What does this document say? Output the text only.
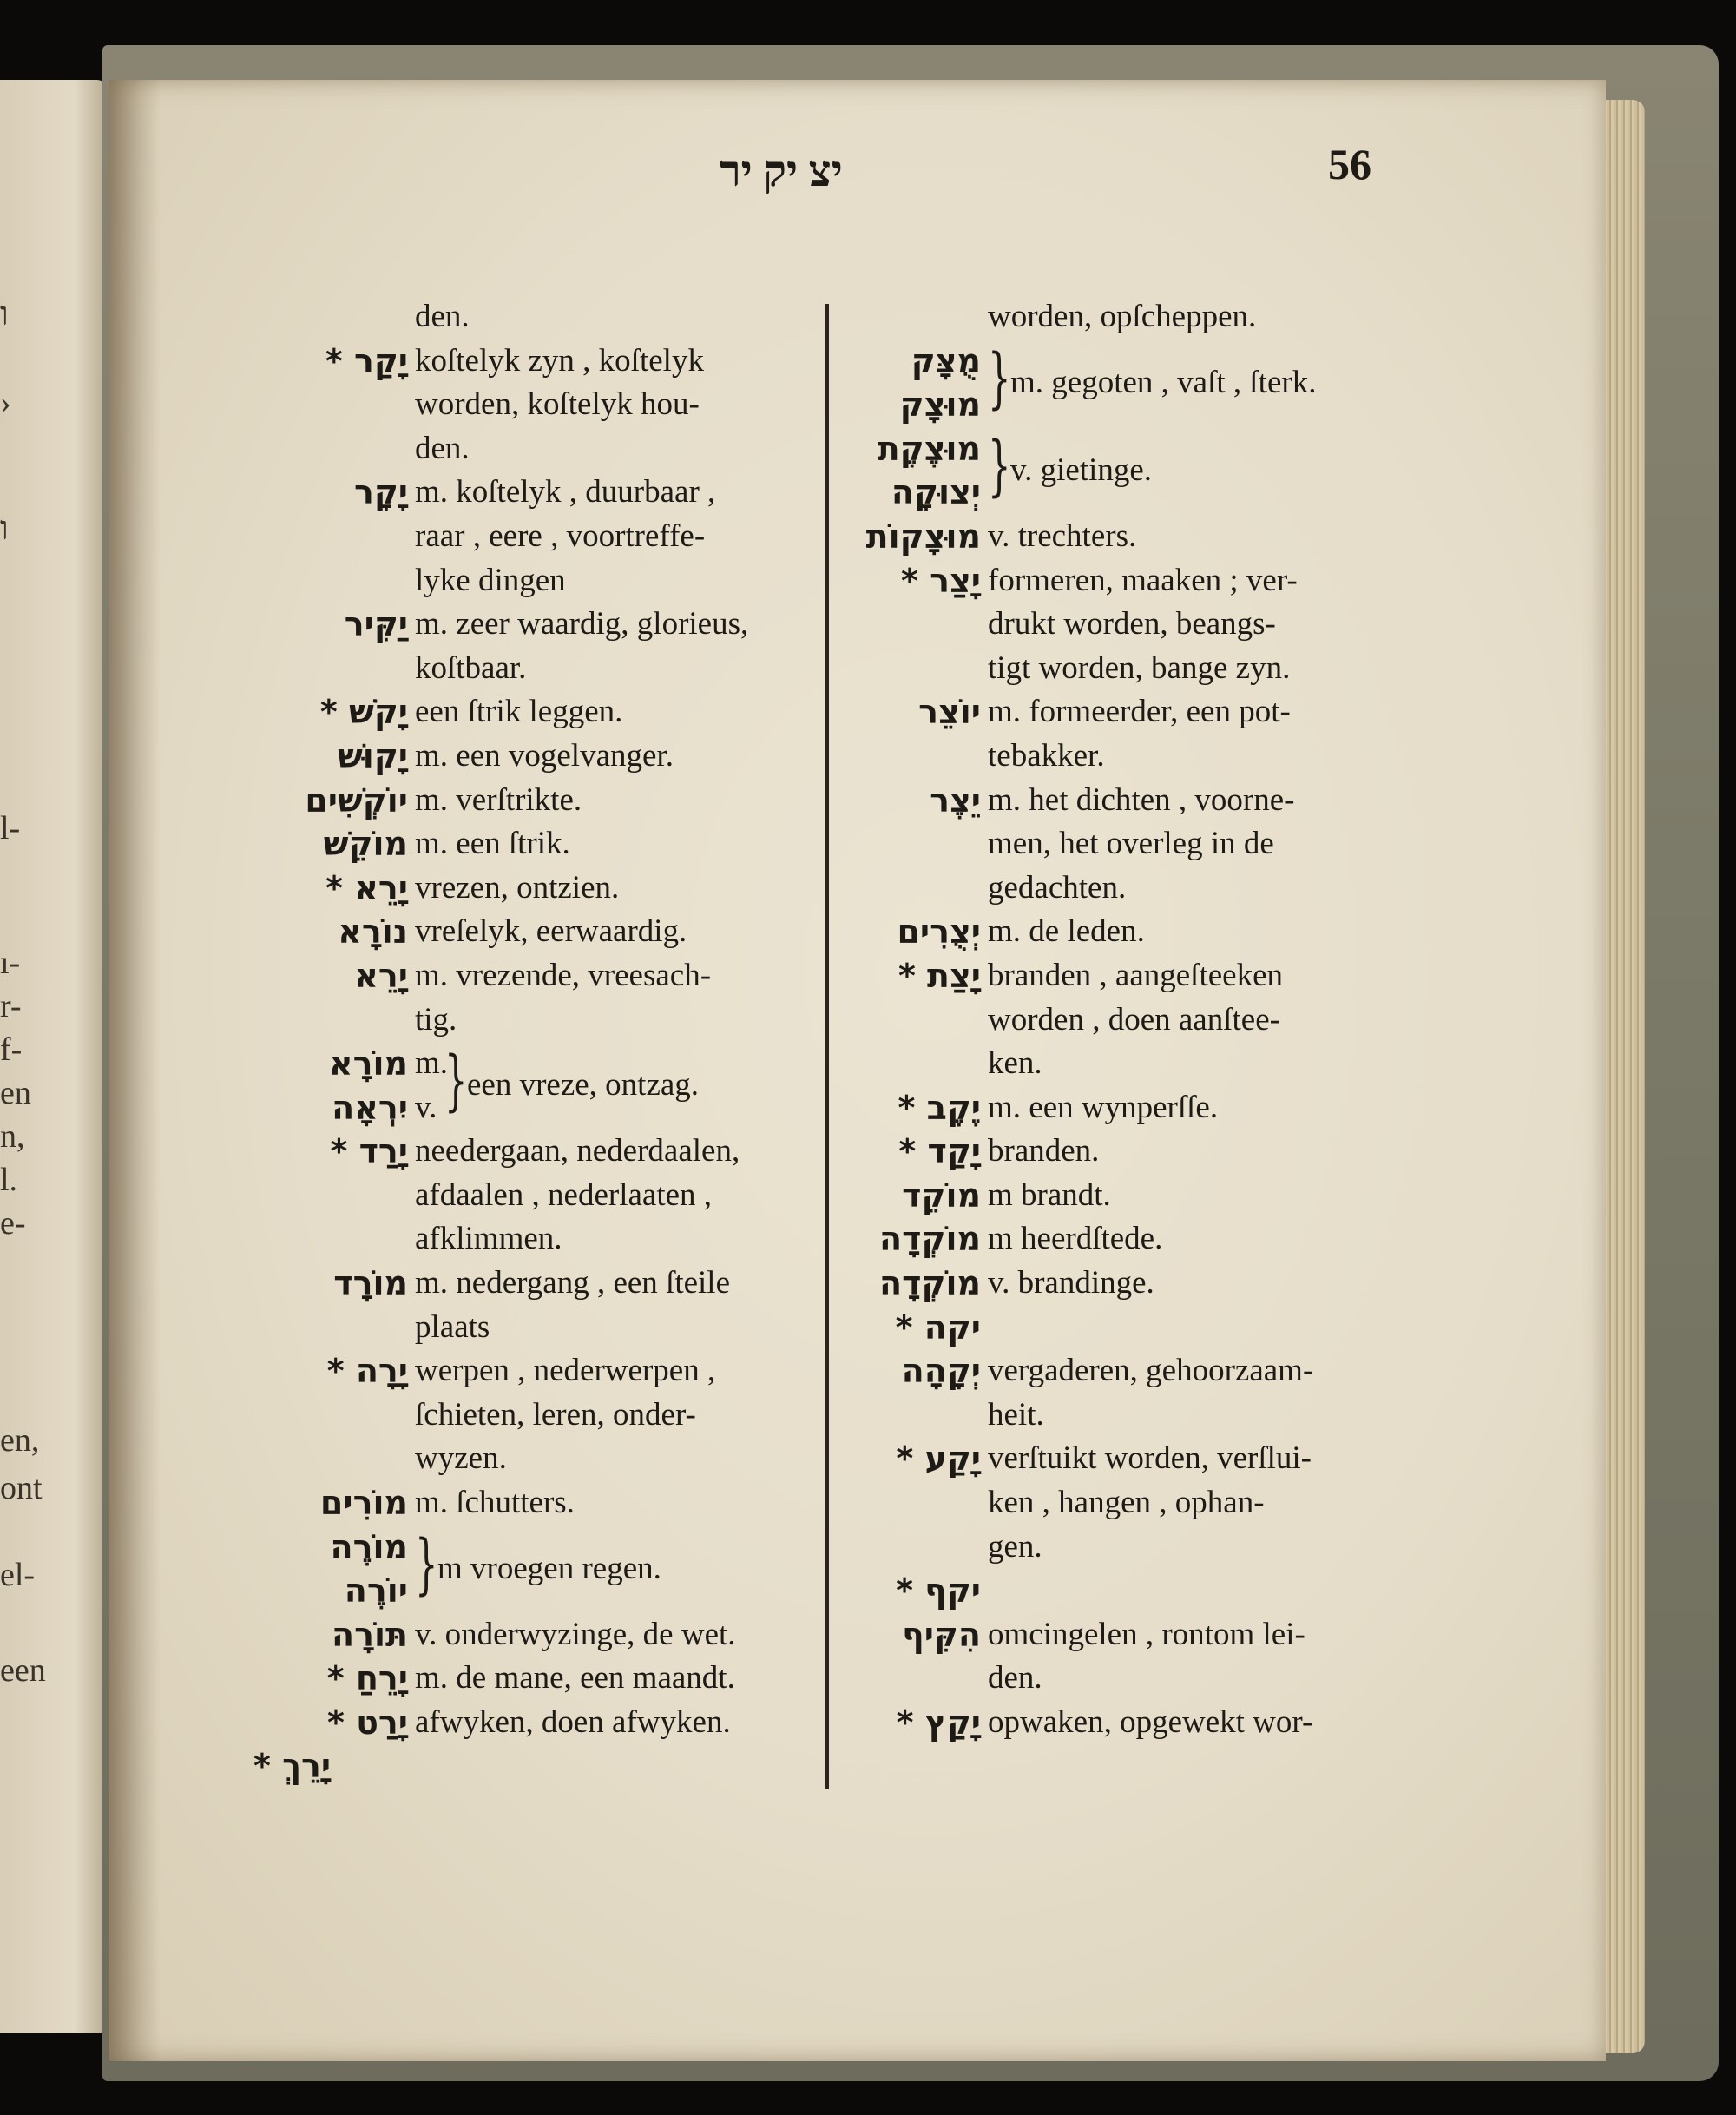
ו
›
ו
l-
ı-
r-
f-
en
n,
l.
e-
en,
ont
el-
een
יצ יק יר	56
den.
יָקַר * koſtelyk zyn , koſtelyk
worden, koſtelyk hou-
den.
יָקָר m. koſtelyk , duurbaar ,
raar , eere , voortreffe-
lyke dingen
יַקִּיר m. zeer waardig, glorieus,
koſtbaar.
יָקֹשׁ * een ſtrik leggen.
יָקוּשׁ m. een vogelvanger.
יוֹקְשִׁים m. verſtrikte.
מוֹקֵשׁ m. een ſtrik.
יָרֵא * vrezen, ontzien.
נוֹרָא vreſelyk, eerwaardig.
יָרֵא m. vrezende, vreesach-
tig.
מוֹרָא m.
} een vreze, ontzag.
יִרְאָה v.
יָרַד * needergaan, nederdaalen,
afdaalen , nederlaaten ,
afklimmen.
מוֹרָד m. nedergang , een ſteile
plaats
יָרָה * werpen , nederwerpen ,
ſchieten, leren, onder-
wyzen.
מוֹרִים m. ſchutters.
מוֹרֶה } m vroegen regen.
יוֹרֶה
תּוֹרָה v. onderwyzinge, de wet.
יָרֵחַ * m. de mane, een maandt.
יָרַט * afwyken, doen afwyken.
worden, opſcheppen.
מֻצָּק } m. gegoten , vaſt , ſterk.
מוּצָק
מוּצֶקֶת } v. gietinge.
יְצוּקָה
מוּצָקוֹת v. trechters.
יָצַר * formeren, maaken ; ver-
drukt worden, beangs-
tigt worden, bange zyn.
יוֹצֵר m. formeerder, een pot-
tebakker.
יֵצֶר m. het dichten , voorne-
men, het overleg in de
gedachten.
יְצֻרִים m. de leden.
יָצַת * branden , aangeſteeken
worden , doen aanſtee-
ken.
יֶקֶב * m. een wynperſſe.
יָקַד * branden.
מוֹקֵד m brandt.
מוֹקְדָה m heerdſtede.
מוֹקְדָה v. brandinge.
יקה *
יְקָהָה vergaderen, gehoorzaam-
heit.
יָקַע * verſtuikt worden, verſlui-
ken , hangen , ophan-
gen.
יקף *
הִקִּיף omcingelen , rontom lei-
den.
יָקַץ * opwaken, opgewekt wor-
יָרֵךְ *
